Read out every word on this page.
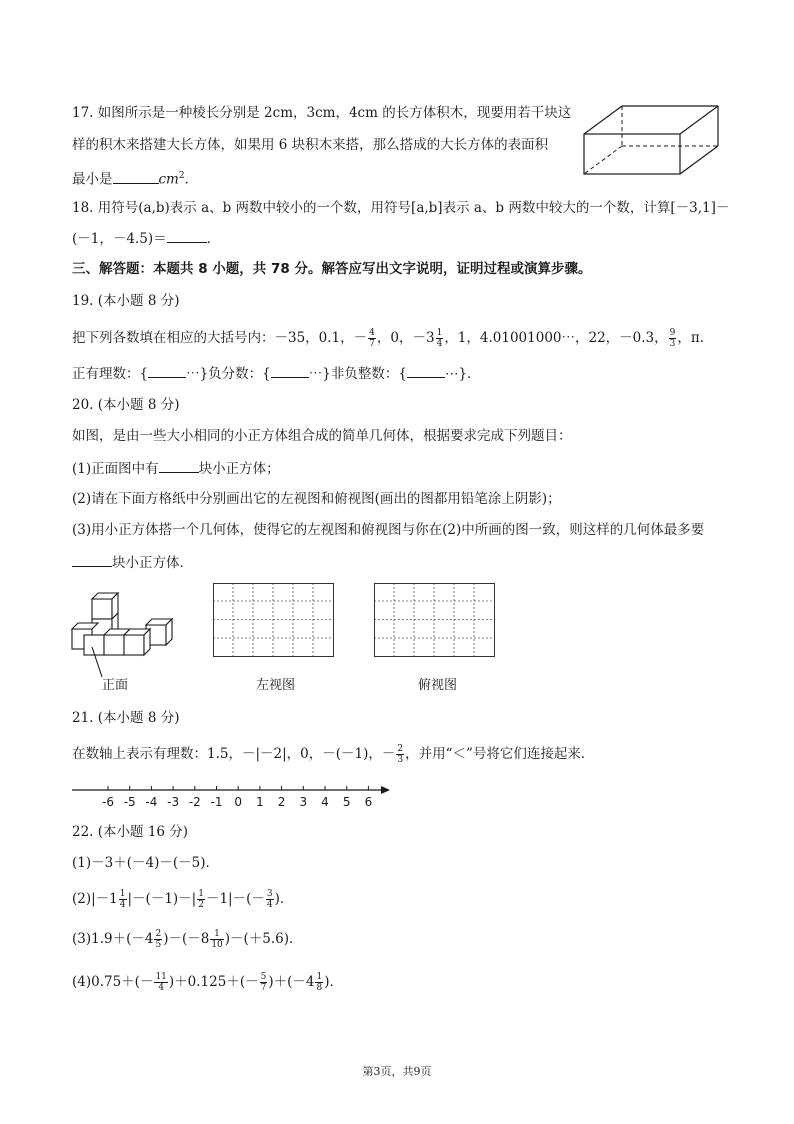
17. 如图所示是一种棱长分别是 2cm，3cm，4cm 的长方体积木，现要用若干块这
样的积木来搭建大长方体，如果用 6 块积木来搭，那么搭成的大长方体的表面积
最小是	$cm^2$．
18. 用符号(a,b)表示 a、b 两数中较小的一个数，用符号[a,b]表示 a、b 两数中较大的一个数，计算[－3,1]－
(－1，－4.5)＝	．
三、解答题：本题共 8 小题，共 78 分。解答应写出文字说明，证明过程或演算步骤。
19. (本小题 8 分)
把下列各数填在相应的大括号内：－35，0.1，－ $\frac{4}{7}$ ，0，$-3 \frac{1}{4}$ ，1，4.01001000⋯，22，－0.3， $\frac{9}{3}$ ，π．
正有理数：{	⋯}负分数：{	⋯}非负整数：{	⋯}．
20. (本小题 8 分)
如图，是由一些大小相同的小正方体组合成的简单几何体，根据要求完成下列题目：
(1)正面图中有	块小正方体；
(2)请在下面方格纸中分别画出它的左视图和俯视图(画出的图都用铅笔涂上阴影)；
(3)用小正方体搭一个几何体，使得它的左视图和俯视图与你在(2)中所画的图一致，则这样的几何体最多要
块小正方体．
正面	左视图	俯视图
21. (本小题 8 分)
在数轴上表示有理数：1.5，－|－2|，0，－(－1)，－ $\frac{2}{3}$ ，并用“＜”号将它们连接起来．
-6 -5 -4 -3 -2 -1 0 1 2 3 4 5 6
22. (本小题 16 分)
(1)－3＋(－4)－(－5)．
$(2)|-1 \frac{1}{4} |-(-1)-| \frac{1}{2} -1|-(- \frac{3}{4}$ )．
$(3)1.9+(-4 \frac{2}{5} )-(-8 \frac{1}{10} )-(+5.6)$．
$(4)0.75+(- \frac{11}{4} )+0.125+(- \frac{5}{7} )+(-4 \frac{1}{8}$ )．
第3页，共9页
